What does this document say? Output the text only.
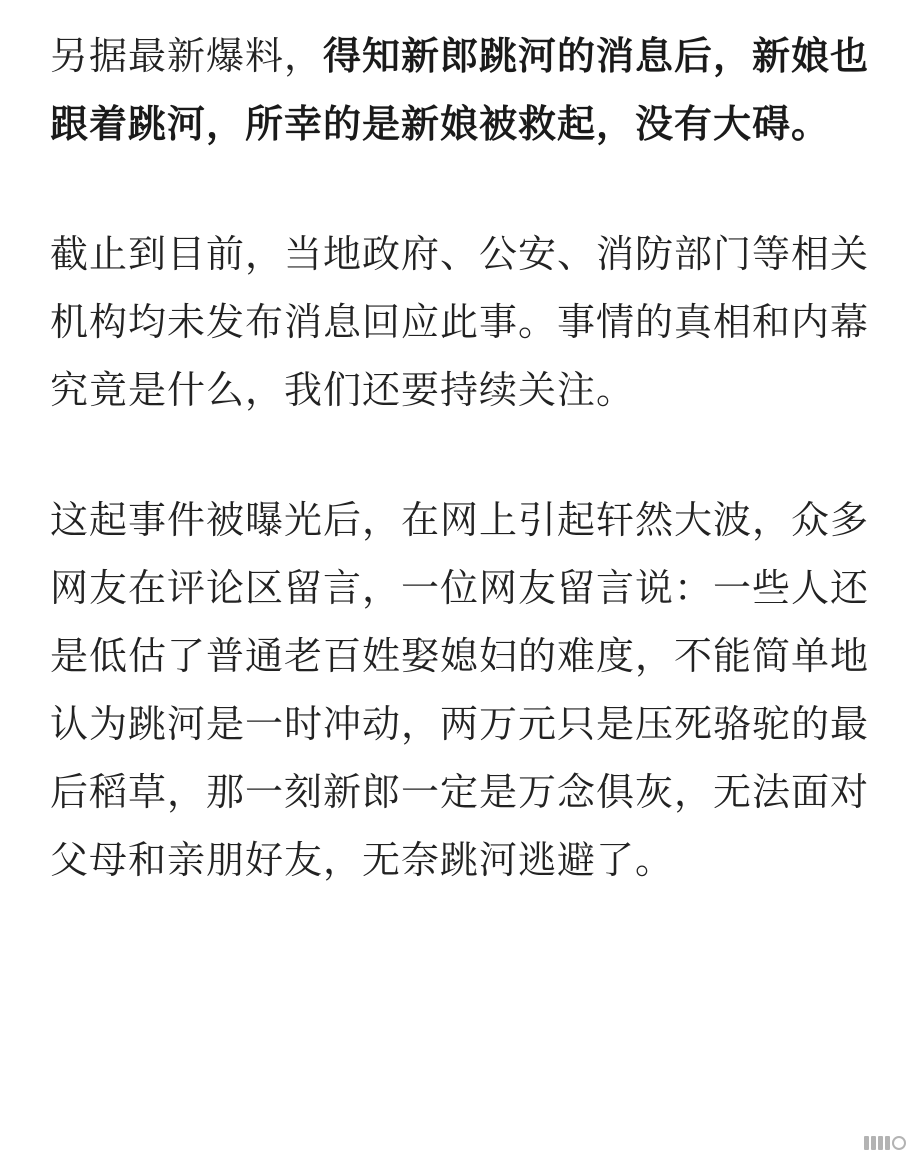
另据最新爆料，得知新郎跳河的消息后，新娘也跟着跳河，所幸的是新娘被救起，没有大碍。

截止到目前，当地政府、公安、消防部门等相关机构均未发布消息回应此事。事情的真相和内幕究竟是什么，我们还要持续关注。

这起事件被曝光后，在网上引起轩然大波，众多网友在评论区留言，一位网友留言说：一些人还是低估了普通老百姓娶媳妇的难度，不能简单地认为跳河是一时冲动，两万元只是压死骆驼的最后稻草，那一刻新郎一定是万念俱灰，无法面对父母和亲朋好友，无奈跳河逃避了。
